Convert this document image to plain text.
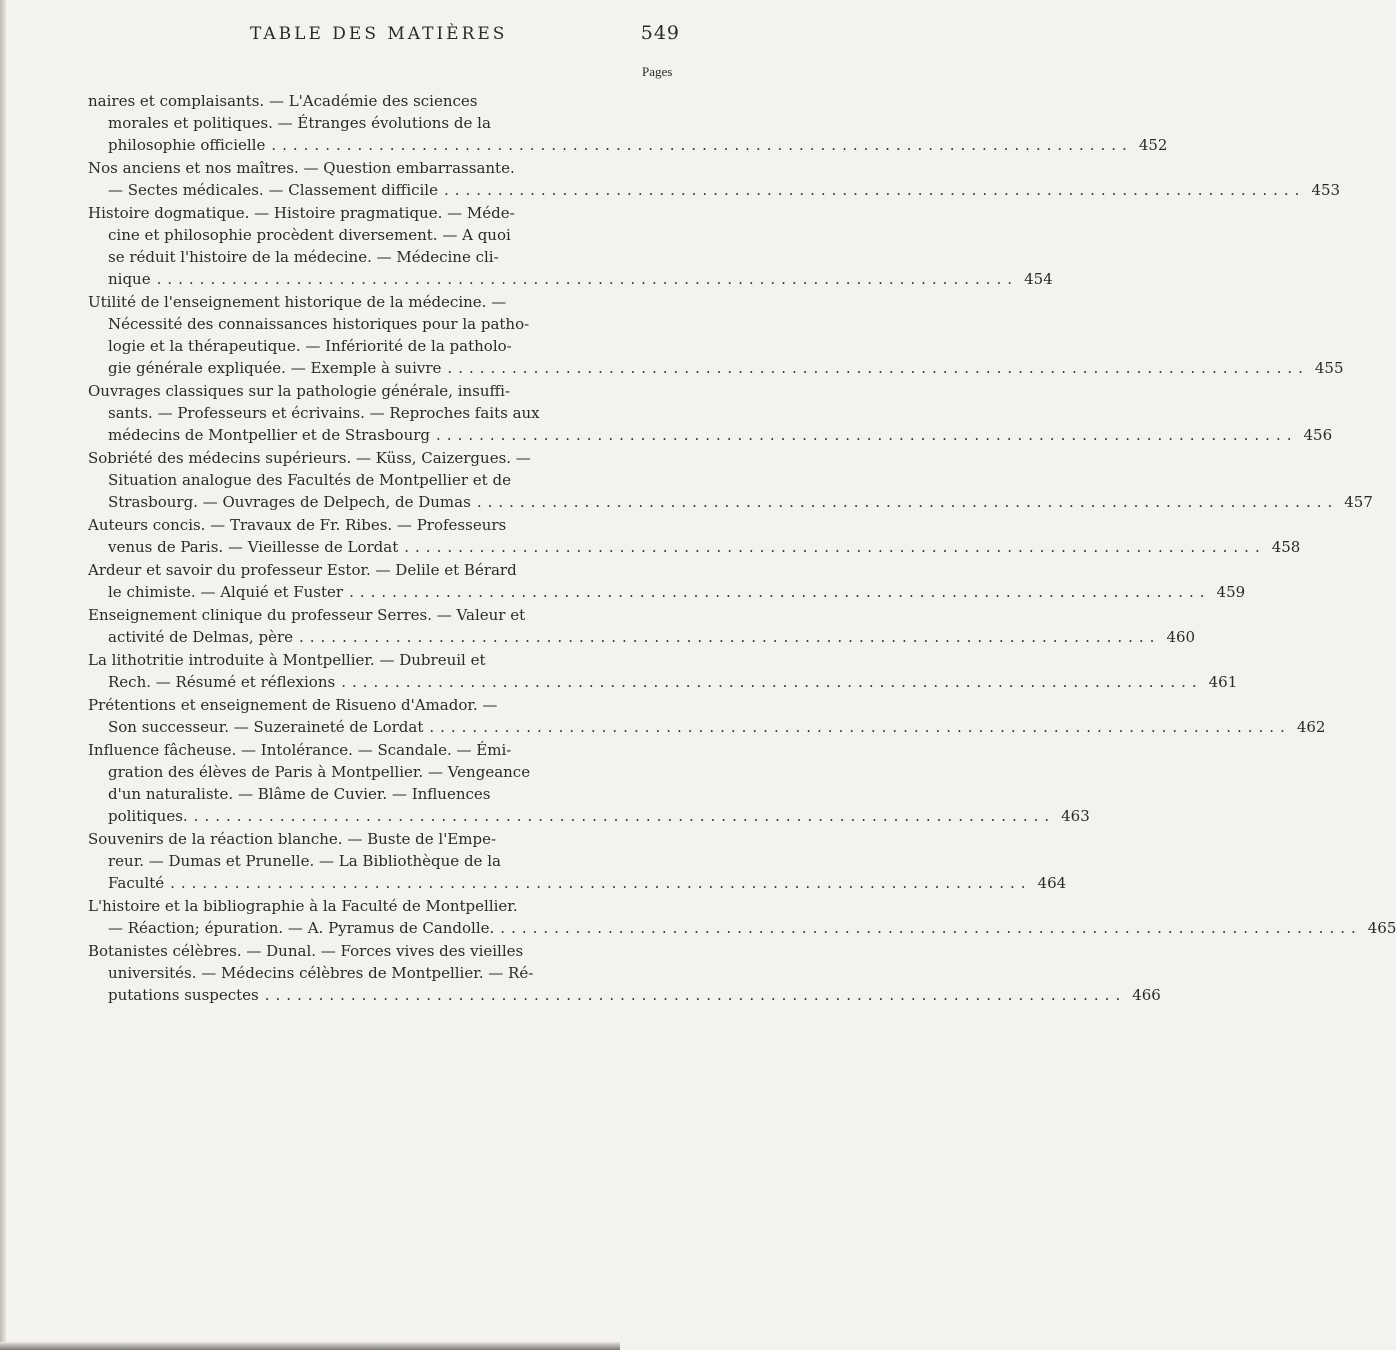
TABLE DES MATIÈRES	549
Pages
naires et complaisants. — L'Académie des sciences
morales et politiques. — Étranges évolutions de la
philosophie officielle ................................................................................ 452
Nos anciens et nos maîtres. — Question embarrassante.
— Sectes médicales. — Classement difficile ................................................................................ 453
Histoire dogmatique. — Histoire pragmatique. — Méde-
cine et philosophie procèdent diversement. — A quoi
se réduit l'histoire de la médecine. — Médecine cli-
nique ................................................................................ 454
Utilité de l'enseignement historique de la médecine. —
Nécessité des connaissances historiques pour la patho-
logie et la thérapeutique. — Infériorité de la patholo-
gie générale expliquée. — Exemple à suivre ................................................................................ 455
Ouvrages classiques sur la pathologie générale, insuffi-
sants. — Professeurs et écrivains. — Reproches faits aux
médecins de Montpellier et de Strasbourg ................................................................................ 456
Sobriété des médecins supérieurs. — Küss, Caizergues. —
Situation analogue des Facultés de Montpellier et de
Strasbourg. — Ouvrages de Delpech, de Dumas ................................................................................ 457
Auteurs concis. — Travaux de Fr. Ribes. — Professeurs
venus de Paris. — Vieillesse de Lordat ................................................................................ 458
Ardeur et savoir du professeur Estor. — Delile et Bérard
le chimiste. — Alquié et Fuster ................................................................................ 459
Enseignement clinique du professeur Serres. — Valeur et
activité de Delmas, père ................................................................................ 460
La lithotritie introduite à Montpellier. — Dubreuil et
Rech. — Résumé et réflexions ................................................................................ 461
Prétentions et enseignement de Risueno d'Amador. —
Son successeur. — Suzeraineté de Lordat ................................................................................ 462
Influence fâcheuse. — Intolérance. — Scandale. — Émi-
gration des élèves de Paris à Montpellier. — Vengeance
d'un naturaliste. — Blâme de Cuvier. — Influences
politiques. ................................................................................ 463
Souvenirs de la réaction blanche. — Buste de l'Empe-
reur. — Dumas et Prunelle. — La Bibliothèque de la
Faculté ................................................................................ 464
L'histoire et la bibliographie à la Faculté de Montpellier.
— Réaction; épuration. — A. Pyramus de Candolle. ................................................................................ 465
Botanistes célèbres. — Dunal. — Forces vives des vieilles
universités. — Médecins célèbres de Montpellier. — Ré-
putations suspectes ................................................................................ 466
